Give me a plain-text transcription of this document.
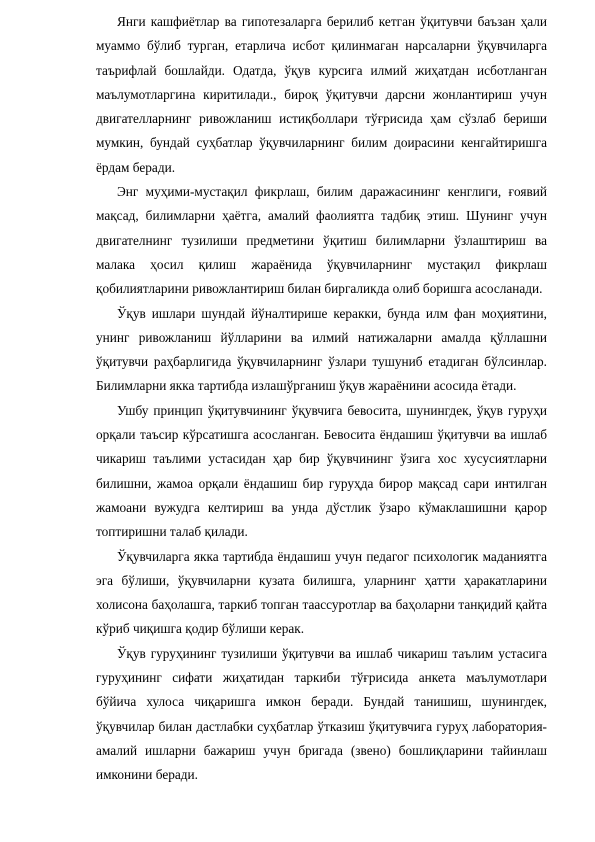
Янги кашфиётлар ва гипотезаларга берилиб кетган ўқитувчи баъзан ҳали муаммо бўлиб турган, етарлича исбот қилинмаган нарсаларни ўқувчиларга таърифлай бошлайди. Одатда, ўқув курсига илмий жиҳатдан исботланган маълумотларгина киритилади., бироқ ўқитувчи дарсни жонлантириш учун двигателларнинг ривожланиш истиқболлари тўғрисида ҳам сўзлаб бериши мумкин, бундай суҳбатлар ўқувчиларнинг билим доирасини кенгайтиришга ёрдам беради.

Энг муҳими-мустақил фикрлаш, билим даражасининг кенглиги, ғоявий мақсад, билимларни ҳаётга, амалий фаолиятга тадбиқ этиш. Шунинг учун двигателнинг тузилиши предметини ўқитиш билимларни ўзлаштириш ва малака ҳосил қилиш жараёнида ўқувчиларнинг мустақил фикрлаш қобилиятларини ривожлантириш билан биргаликда олиб боришга асосланади.

Ўқув ишлари шундай йўналтирише керакки, бунда илм фан моҳиятини, унинг ривожланиш йўлларини ва илмий натижаларни амалда қўллашни ўқитувчи раҳбарлигида ўқувчиларнинг ўзлари тушуниб етадиган бўлсинлар. Билимларни якка тартибда излашўрганиш ўқув жараёнини асосида ётади.

Ушбу принцип ўқитувчининг ўқувчига бевосита, шунингдек, ўқув гуруҳи орқали таъсир кўрсатишга асосланган. Бевосита ёндашиш ўқитувчи ва ишлаб чикариш таълими устасидан ҳар бир ўқувчининг ўзига хос хусусиятларни билишни, жамоа орқали ёндашиш бир гуруҳда бирор мақсад сари интилган жамоани вужудга келтириш ва унда дўстлик ўзаро кўмаклашишни қарор топтиришни талаб қилади.

Ўқувчиларга якка тартибда ёндашиш учун педагог психологик маданиятга эга бўлиши, ўқувчиларни кузата билишга, уларнинг ҳатти ҳаракатларини холисона баҳолашга, таркиб топган таассуротлар ва баҳоларни танқидий қайта кўриб чиқишга қодир бўлиши керак.

Ўқув гуруҳининг тузилиши ўқитувчи ва ишлаб чикариш таълим устасига гуруҳининг сифати жиҳатидан таркиби тўғрисида анкета маълумотлари бўйича хулоса чиқаришга имкон беради. Бундай танишиш, шунингдек, ўқувчилар билан дастлабки суҳбатлар ўтказиш ўқитувчига гуруҳ лаборатория-амалий ишларни бажариш учун бригада (звено) бошлиқларини тайинлаш имконини беради.
